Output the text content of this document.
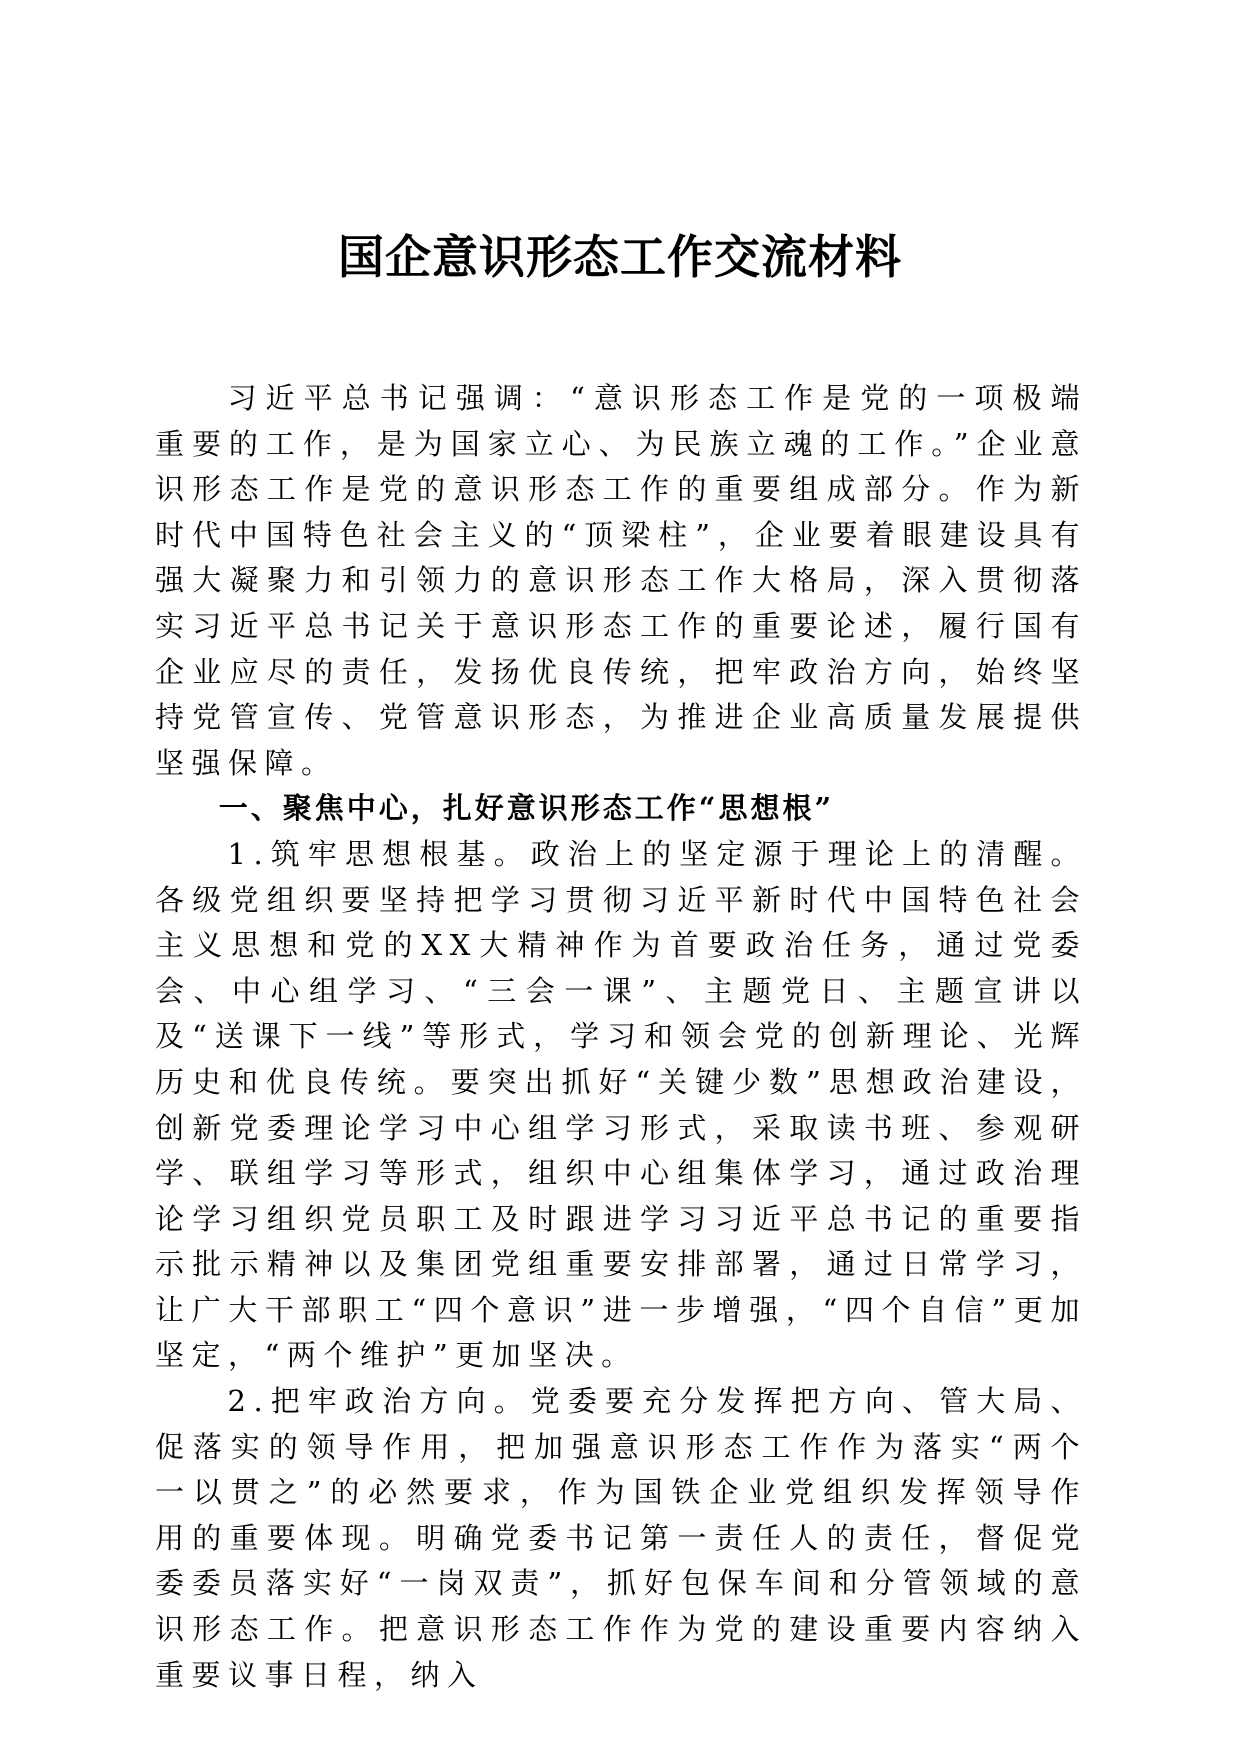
国企意识形态工作交流材料

习近平总书记强调：“意识形态工作是党的一项极端重要的工作，是为国家立心、为民族立魂的工作。”企业意识形态工作是党的意识形态工作的重要组成部分。作为新时代中国特色社会主义的“顶梁柱”，企业要着眼建设具有强大凝聚力和引领力的意识形态工作大格局，深入贯彻落实习近平总书记关于意识形态工作的重要论述，履行国有企业应尽的责任，发扬优良传统，把牢政治方向，始终坚持党管宣传、党管意识形态，为推进企业高质量发展提供坚强保障。

一、聚焦中心，扎好意识形态工作“思想根”

1.筑牢思想根基。政治上的坚定源于理论上的清醒。各级党组织要坚持把学习贯彻习近平新时代中国特色社会主义思想和党的XX大精神作为首要政治任务，通过党委会、中心组学习、“三会一课”、主题党日、主题宣讲以及“送课下一线”等形式，学习和领会党的创新理论、光辉历史和优良传统。要突出抓好“关键少数”思想政治建设，创新党委理论学习中心组学习形式，采取读书班、参观研学、联组学习等形式，组织中心组集体学习，通过政治理论学习组织党员职工及时跟进学习习近平总书记的重要指示批示精神以及集团党组重要安排部署，通过日常学习，让广大干部职工“四个意识”进一步增强，“四个自信”更加坚定，“两个维护”更加坚决。

2.把牢政治方向。党委要充分发挥把方向、管大局、促落实的领导作用，把加强意识形态工作作为落实“两个一以贯之”的必然要求，作为国铁企业党组织发挥领导作用的重要体现。明确党委书记第一责任人的责任，督促党委委员落实好“一岗双责”，抓好包保车间和分管领域的意识形态工作。把意识形态工作作为党的建设重要内容纳入重要议事日程，纳入
